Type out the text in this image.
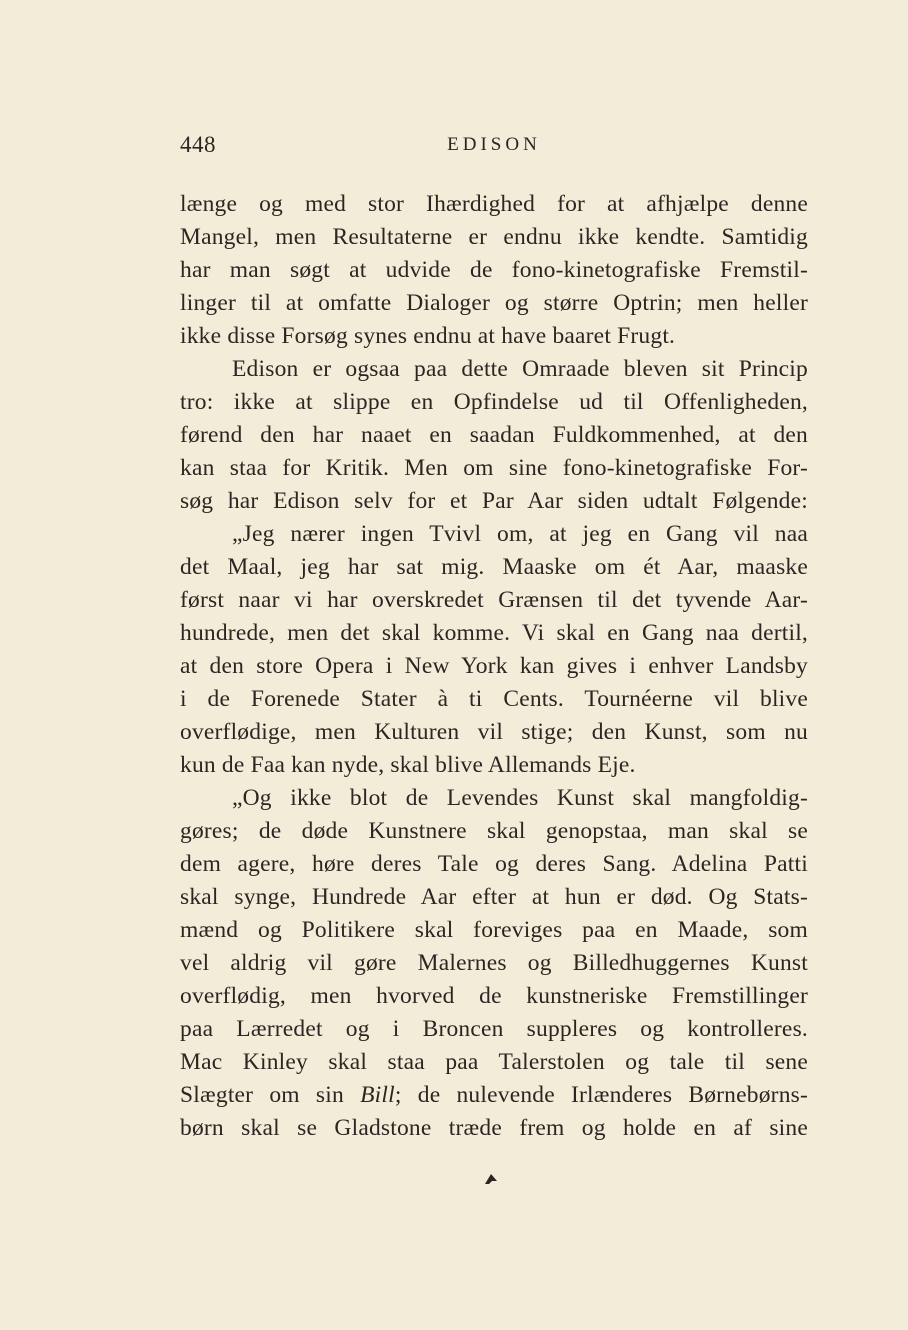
448	EDISON
længe og med stor Ihærdighed for at afhjælpe denne
Mangel, men Resultaterne er endnu ikke kendte. Samtidig
har man søgt at udvide de fono-kinetografiske Fremstil-
linger til at omfatte Dialoger og større Optrin; men heller
ikke disse Forsøg synes endnu at have baaret Frugt.
Edison er ogsaa paa dette Omraade bleven sit Princip
tro: ikke at slippe en Opfindelse ud til Offenligheden,
førend den har naaet en saadan Fuldkommenhed, at den
kan staa for Kritik. Men om sine fono-kinetografiske For-
søg har Edison selv for et Par Aar siden udtalt Følgende:
„Jeg nærer ingen Tvivl om, at jeg en Gang vil naa
det Maal, jeg har sat mig. Maaske om ét Aar, maaske
først naar vi har overskredet Grænsen til det tyvende Aar-
hundrede, men det skal komme. Vi skal en Gang naa dertil,
at den store Opera i New York kan gives i enhver Landsby
i de Forenede Stater à ti Cents. Tournéerne vil blive
overflødige, men Kulturen vil stige; den Kunst, som nu
kun de Faa kan nyde, skal blive Allemands Eje.
„Og ikke blot de Levendes Kunst skal mangfoldig-
gøres; de døde Kunstnere skal genopstaa, man skal se
dem agere, høre deres Tale og deres Sang. Adelina Patti
skal synge, Hundrede Aar efter at hun er død. Og Stats-
mænd og Politikere skal foreviges paa en Maade, som
vel aldrig vil gøre Malernes og Billedhuggernes Kunst
overflødig, men hvorved de kunstneriske Fremstillinger
paa Lærredet og i Broncen suppleres og kontrolleres.
Mac Kinley skal staa paa Talerstolen og tale til sene
Slægter om sin Bill; de nulevende Irlænderes Børnebørns-
børn skal se Gladstone træde frem og holde en af sine
